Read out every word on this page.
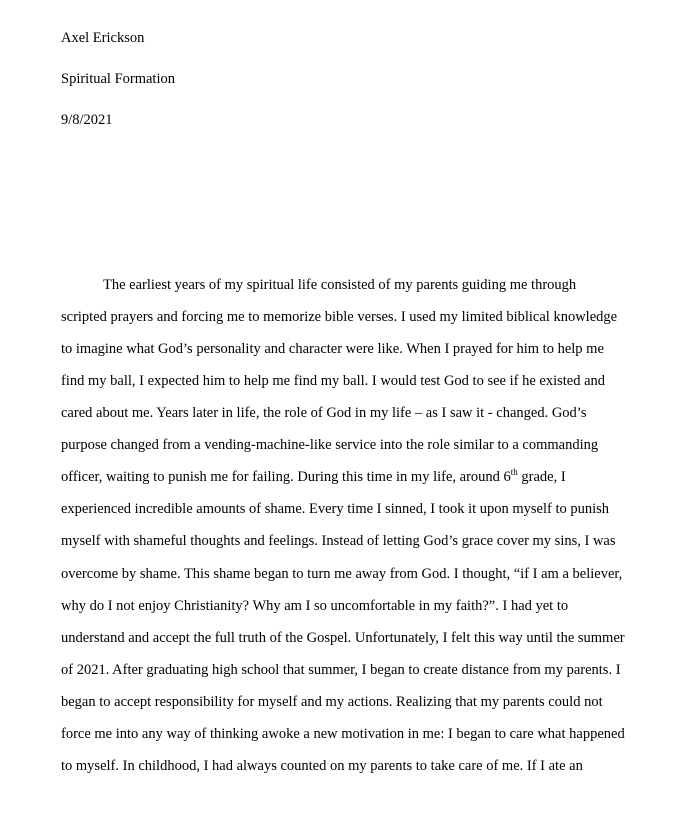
Axel Erickson
Spiritual Formation
9/8/2021
The earliest years of my spiritual life consisted of my parents guiding me through
scripted prayers and forcing me to memorize bible verses. I used my limited biblical knowledge
to imagine what God’s personality and character were like. When I prayed for him to help me
find my ball, I expected him to help me find my ball. I would test God to see if he existed and
cared about me. Years later in life, the role of God in my life – as I saw it - changed. God’s
purpose changed from a vending-machine-like service into the role similar to a commanding
officer, waiting to punish me for failing. During this time in my life, around 6th grade, I
experienced incredible amounts of shame. Every time I sinned, I took it upon myself to punish
myself with shameful thoughts and feelings. Instead of letting God’s grace cover my sins, I was
overcome by shame. This shame began to turn me away from God. I thought, “if I am a believer,
why do I not enjoy Christianity? Why am I so uncomfortable in my faith?”. I had yet to
understand and accept the full truth of the Gospel. Unfortunately, I felt this way until the summer
of 2021. After graduating high school that summer, I began to create distance from my parents. I
began to accept responsibility for myself and my actions. Realizing that my parents could not
force me into any way of thinking awoke a new motivation in me: I began to care what happened
to myself. In childhood, I had always counted on my parents to take care of me. If I ate an
